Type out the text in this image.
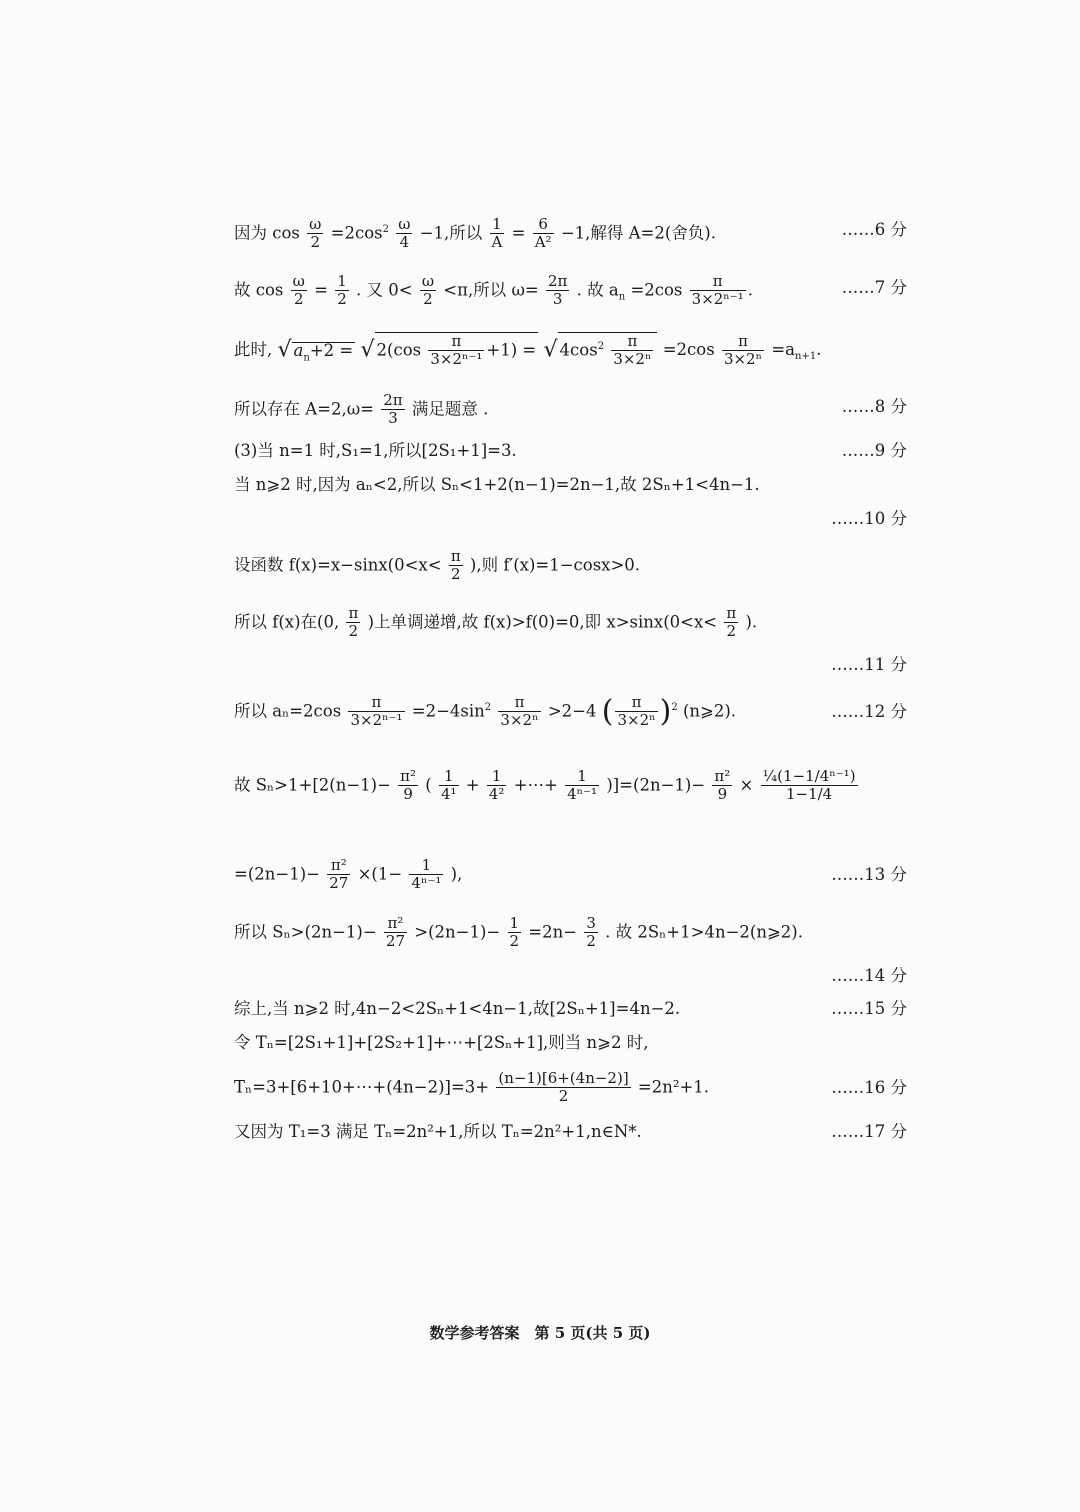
因为 $\cos \frac{\omega}{2} =2\cos^2 \frac{\omega}{4} -1$,所以 $\frac{1}{A} = \frac{6}{\text{A²}} -1$,解得 A=2(舍负).	……6 分
故 $\cos \frac{\omega}{2} = \frac{1}{2}$ . 又 $0< \frac{\omega}{2} <\pi$,所以 $\omega= \frac{2\pi}{3}$ . 故 $a_n =2\cos \frac{\pi}{\text{3×2ⁿ⁻¹}}$ .	……7 分
此时, √ $a_n+2$ = √ $2(\cos \frac{\pi}{\text{3×2ⁿ⁻¹}} +1)$ = √ $4\cos^2 \frac{\pi}{\text{3×2ⁿ}} =2\cos \frac{\pi}{\text{3×2ⁿ}} =a_{n+1}$.
所以存在 $A=2,\omega= \frac{2\pi}{3}$ 满足题意 .	……8 分
(3)当 n=1 时,S₁=1,所以[2S₁+1]=3.	……9 分
当 n⩾2 时,因为 aₙ<2,所以 Sₙ<1+2(n−1)=2n−1,故 2Sₙ+1<4n−1.
……10 分
设函数 $f(x)=x-\sin x(0<x< \frac{\pi}{2}$ ),则 f′(x)=1−cosx>0.
所以 f(x)在(0, $\frac{\pi}{2}$ )上单调递增,故 f(x)>f(0)=0,即 $x>\sin x(0<x< \frac{\pi}{2}$ ).
……11 分
所以 $a_n=2\cos \frac{\pi}{\text{3×2ⁿ⁻¹}} =2-4\sin^2 \frac{\pi}{\text{3×2ⁿ}} >2-4$ ( $\frac{\pi}{\text{3×2ⁿ}} )^2$ (n⩾2).	……12 分
故 $S_n>1+[2(n-1)- \frac{\text{π²}}{9}$ ( $\frac{1}{\text{4¹}} + \frac{1}{\text{4²}}$ +⋯+ $\frac{1}{\text{4ⁿ⁻¹}} )]=(2n-1)- \frac{\text{π²}}{9} \times \frac{\text{¼(1−1/4ⁿ⁻¹)}}{1-1/4}$
$=(2n-1)- \frac{\text{π²}}{27} \times(1- \frac{1}{\text{4ⁿ⁻¹}}$ ),	……13 分
所以 $S_n>(2n-1)- \frac{\text{π²}}{27} >(2n-1)- \frac{1}{2} =2n- \frac{3}{2}$ . 故 2Sₙ+1>4n−2(n⩾2).
……14 分
综上,当 n⩾2 时,4n−2<2Sₙ+1<4n−1,故[2Sₙ+1]=4n−2.	……15 分
令 Tₙ=[2S₁+1]+[2S₂+1]+⋯+[2Sₙ+1],则当 n⩾2 时,
Tₙ=3+[6+10+⋯+(4n−2)]=3+ $\frac{(n-1)[6+(4n-2)]}{2} =2n^2+1$.	……16 分
又因为 T₁=3 满足 Tₙ=2n²+1,所以 Tₙ=2n²+1,n∈N*.	……17 分
数学参考答案　第 5 页(共 5 页)
